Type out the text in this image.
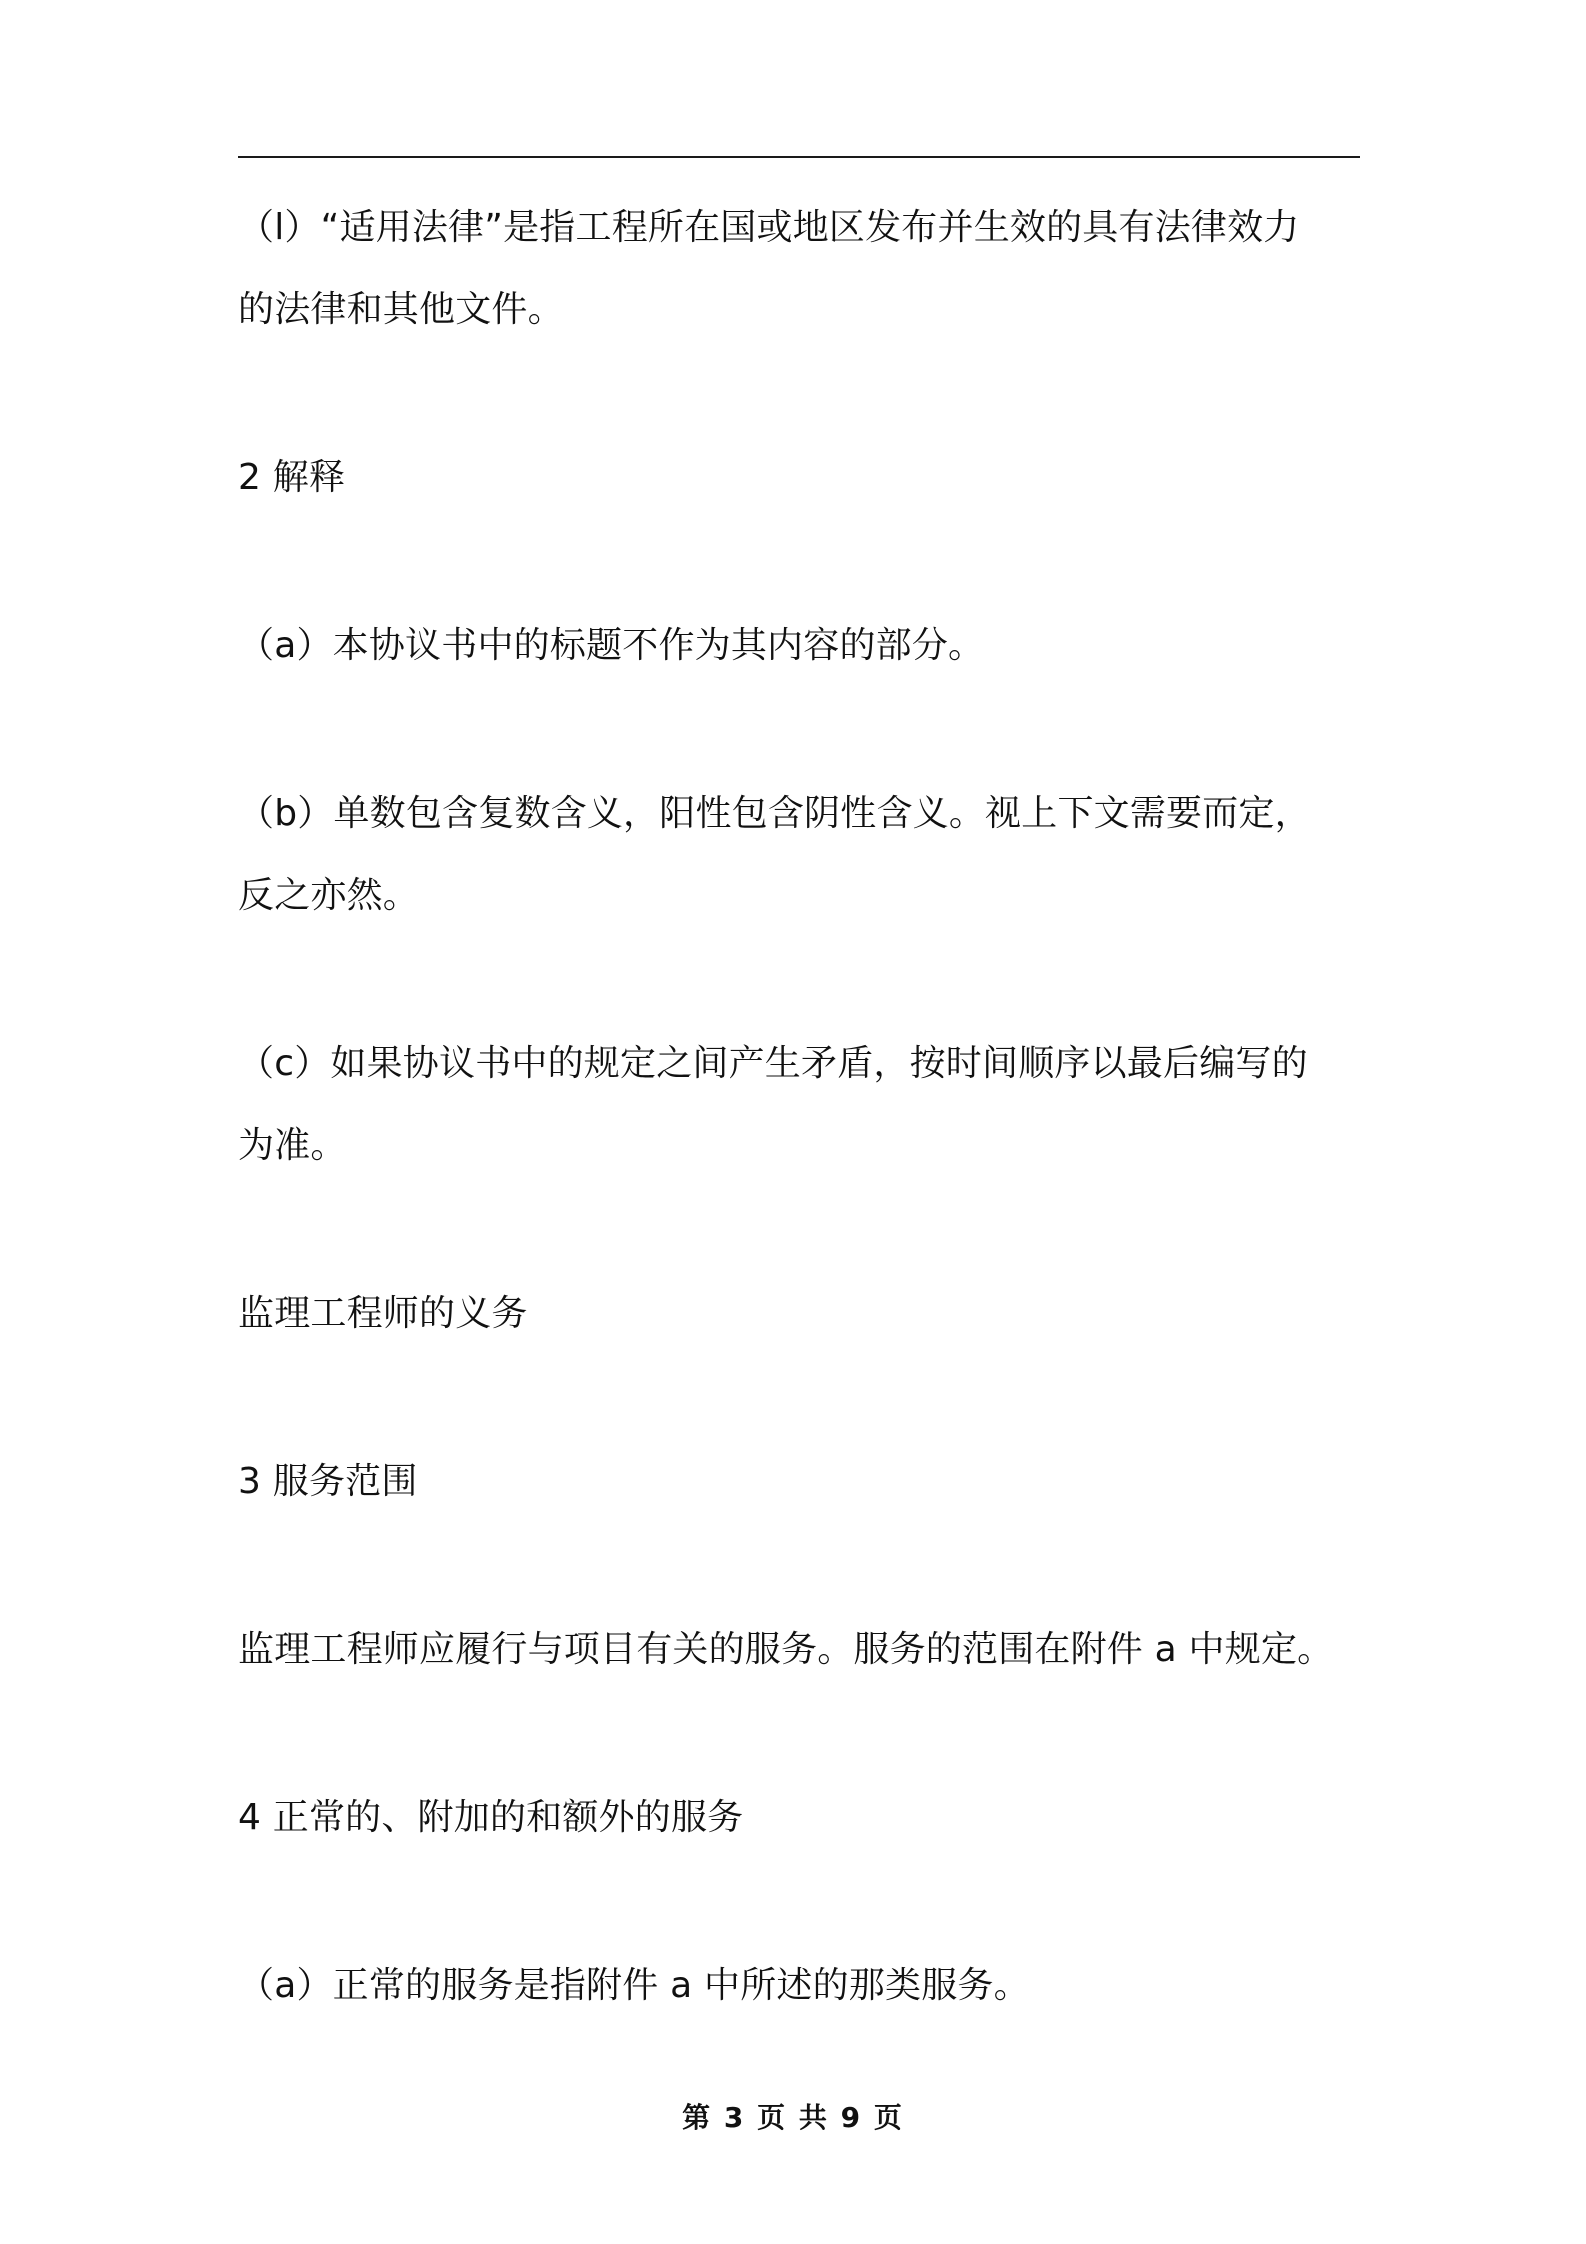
（l）“适用法律”是指工程所在国或地区发布并生效的具有法律效力

的法律和其他文件。

2 解释

（a）本协议书中的标题不作为其内容的部分。

（b）单数包含复数含义，阳性包含阴性含义。视上下文需要而定，

反之亦然。

（c）如果协议书中的规定之间产生矛盾，按时间顺序以最后编写的

为准。

监理工程师的义务

3 服务范围

监理工程师应履行与项目有关的服务。服务的范围在附件 a 中规定。

4 正常的、附加的和额外的服务

（a）正常的服务是指附件 a 中所述的那类服务。

第 3 页 共 9 页
